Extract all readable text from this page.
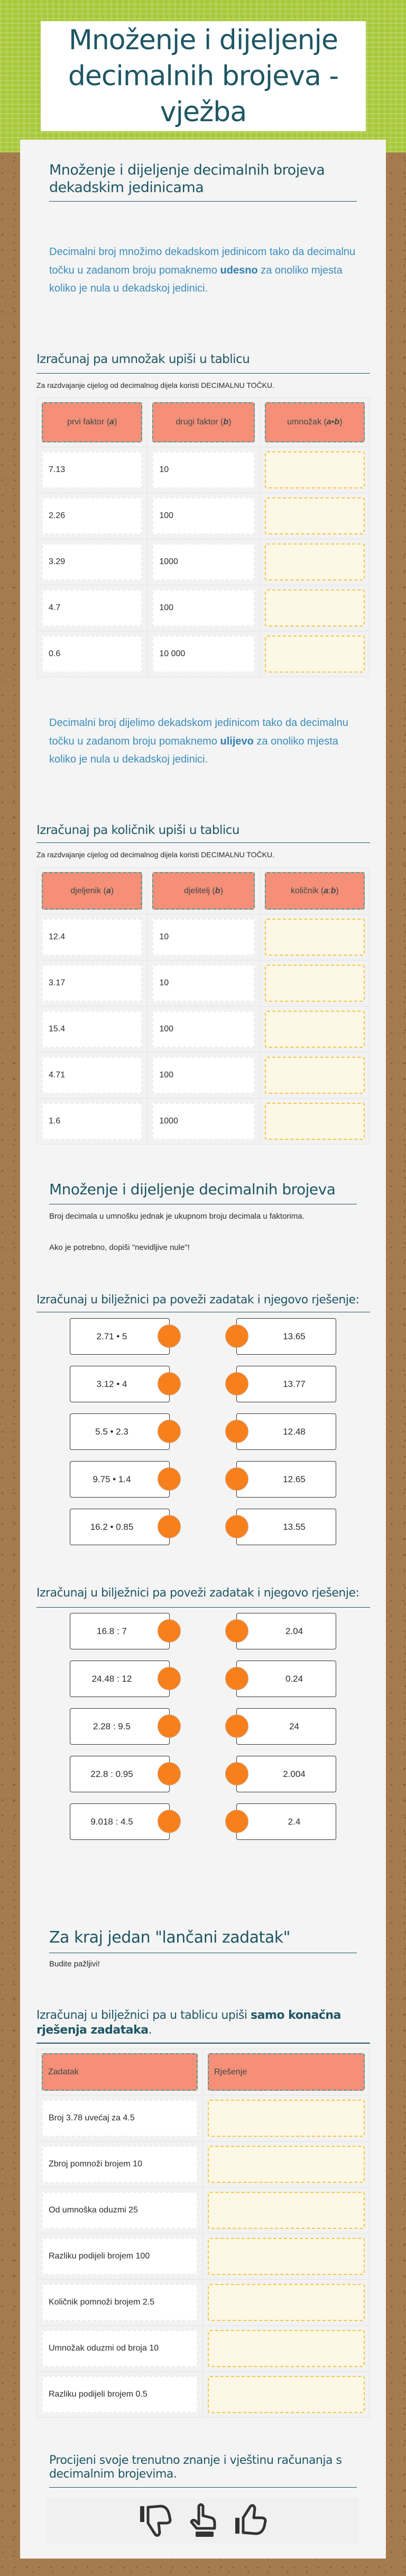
Množenje i dijeljenje decimalnih brojeva - vježba
Množenje i dijeljenje decimalnih brojeva dekadskim jedinicama

Decimalni broj množimo dekadskom jedinicom tako da decimalnu točku u zadanom broju pomaknemo udesno za onoliko mjesta koliko je nula u dekadskoj jedinici.

Izračunaj pa umnožak upiši u tablicu
Za razdvajanje cijelog od decimalnog dijela koristi DECIMALNU TOČKU.
prvi faktor ( a )	drugi faktor ( b )	umnožak ( a • b )
7.13	10
2.26	100
3.29	1000
4.7	100
0.6	10 000

Decimalni broj dijelimo dekadskom jedinicom tako da decimalnu točku u zadanom broju pomaknemo ulijevo za onoliko mjesta koliko je nula u dekadskoj jedinici.

Izračunaj pa količnik upiši u tablicu
Za razdvajanje cijelog od decimalnog dijela koristi DECIMALNU TOČKU.
djeljenik ( a )	djelitelj ( b )	količnik ( a : b )
12.4	10
3.17	10
15.4	100
4.71	100
1.6	1000
Množenje i dijeljenje decimalnih brojeva

Broj decimala u umnošku jednak je ukupnom broju decimala u faktorima.

Ako je potrebno, dopiši "nevidljive nule"!

Izračunaj u bilježnici pa poveži zadatak i njegovo rješenje:
2.71 • 5	13.65
3.12 • 4	13.77
5.5 • 2.3	12.48
9.75 • 1.4	12.65
16.2 • 0.85	13.55
Izračunaj u bilježnici pa poveži zadatak i njegovo rješenje:
16.8 : 7	2.04
24.48 : 12	0.24
2.28 : 9.5	24
22.8 : 0.95	2.004
9.018 : 4.5	2.4
Za kraj jedan "lančani zadatak"
Budite pažljivi!
Izračunaj u bilježnici pa u tablicu upiši samo konačna rješenja zadataka.
Zadatak	Rješenje
Broj 3.78 uvećaj za 4.5
Zbroj pomnoži brojem 10
Od umnoška oduzmi 25
Razliku podijeli brojem 100
Količnik pomnoži brojem 2.5
Umnožak oduzmi od broja 10
Razliku podijeli brojem 0.5
Procijeni svoje trenutno znanje i vještinu računanja s decimalnim brojevima.
